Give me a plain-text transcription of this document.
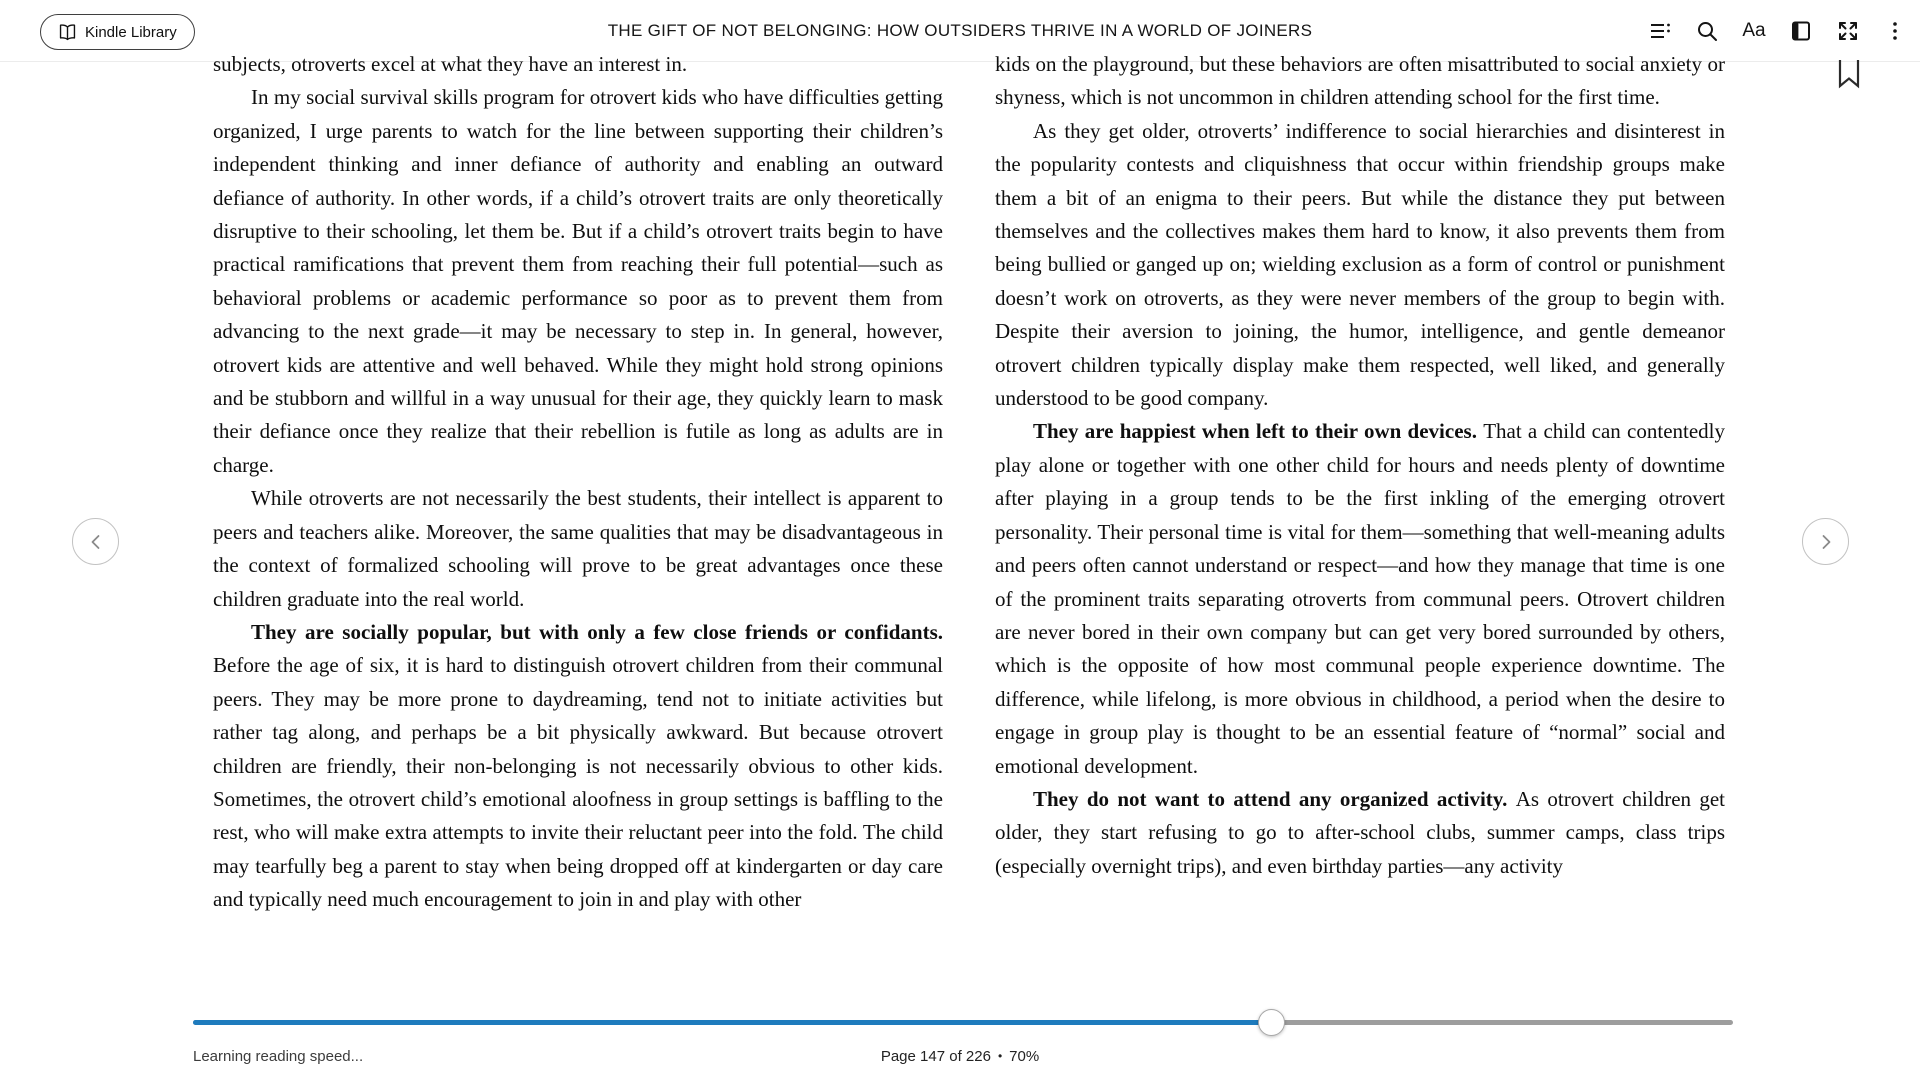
Kindle Library	THE GIFT OF NOT BELONGING: HOW OUTSIDERS THRIVE IN A WORLD OF JOINERS	Aa
subjects, otroverts excel at what they have an interest in.
In my social survival skills program for otrovert kids who have difficulties getting organized, I urge parents to watch for the line between supporting their children’s independent thinking and inner defiance of authority and enabling an outward defiance of authority. In other words, if a child’s otrovert traits are only theoretically disruptive to their schooling, let them be. But if a child’s otrovert traits begin to have practical ramifications that prevent them from reaching their full potential—such as behavioral problems or academic performance so poor as to prevent them from advancing to the next grade—it may be necessary to step in. In general, however, otrovert kids are attentive and well behaved. While they might hold strong opinions and be stubborn and willful in a way unusual for their age, they quickly learn to mask their defiance once they realize that their rebellion is futile as long as adults are in charge.
While otroverts are not necessarily the best students, their intellect is apparent to peers and teachers alike. Moreover, the same qualities that may be disadvantageous in the context of formalized schooling will prove to be great advantages once these children graduate into the real world.
They are socially popular, but with only a few close friends or confidants. Before the age of six, it is hard to distinguish otrovert children from their communal peers. They may be more prone to daydreaming, tend not to initiate activities but rather tag along, and perhaps be a bit physically awkward. But because otrovert children are friendly, their non-belonging is not necessarily obvious to other kids. Sometimes, the otrovert child’s emotional aloofness in group settings is baffling to the rest, who will make extra attempts to invite their reluctant peer into the fold. The child may tearfully beg a parent to stay when being dropped off at kindergarten or day care and typically need much encouragement to join in and play with other
kids on the playground, but these behaviors are often misattributed to social anxiety or shyness, which is not uncommon in children attending school for the first time.
As they get older, otroverts’ indifference to social hierarchies and disinterest in the popularity contests and cliquishness that occur within friendship groups make them a bit of an enigma to their peers. But while the distance they put between themselves and the collectives makes them hard to know, it also prevents them from being bullied or ganged up on; wielding exclusion as a form of control or punishment doesn’t work on otroverts, as they were never members of the group to begin with. Despite their aversion to joining, the humor, intelligence, and gentle demeanor otrovert children typically display make them respected, well liked, and generally understood to be good company.
They are happiest when left to their own devices. That a child can contentedly play alone or together with one other child for hours and needs plenty of downtime after playing in a group tends to be the first inkling of the emerging otrovert personality. Their personal time is vital for them—something that well-meaning adults and peers often cannot understand or respect—and how they manage that time is one of the prominent traits separating otroverts from communal peers. Otrovert children are never bored in their own company but can get very bored surrounded by others, which is the opposite of how most communal people experience downtime. The difference, while lifelong, is more obvious in childhood, a period when the desire to engage in group play is thought to be an essential feature of “normal” social and emotional development.
They do not want to attend any organized activity. As otrovert children get older, they start refusing to go to after-school clubs, summer camps, class trips (especially overnight trips), and even birthday parties—any activity
Learning reading speed...	Page 147 of 226 • 70%
